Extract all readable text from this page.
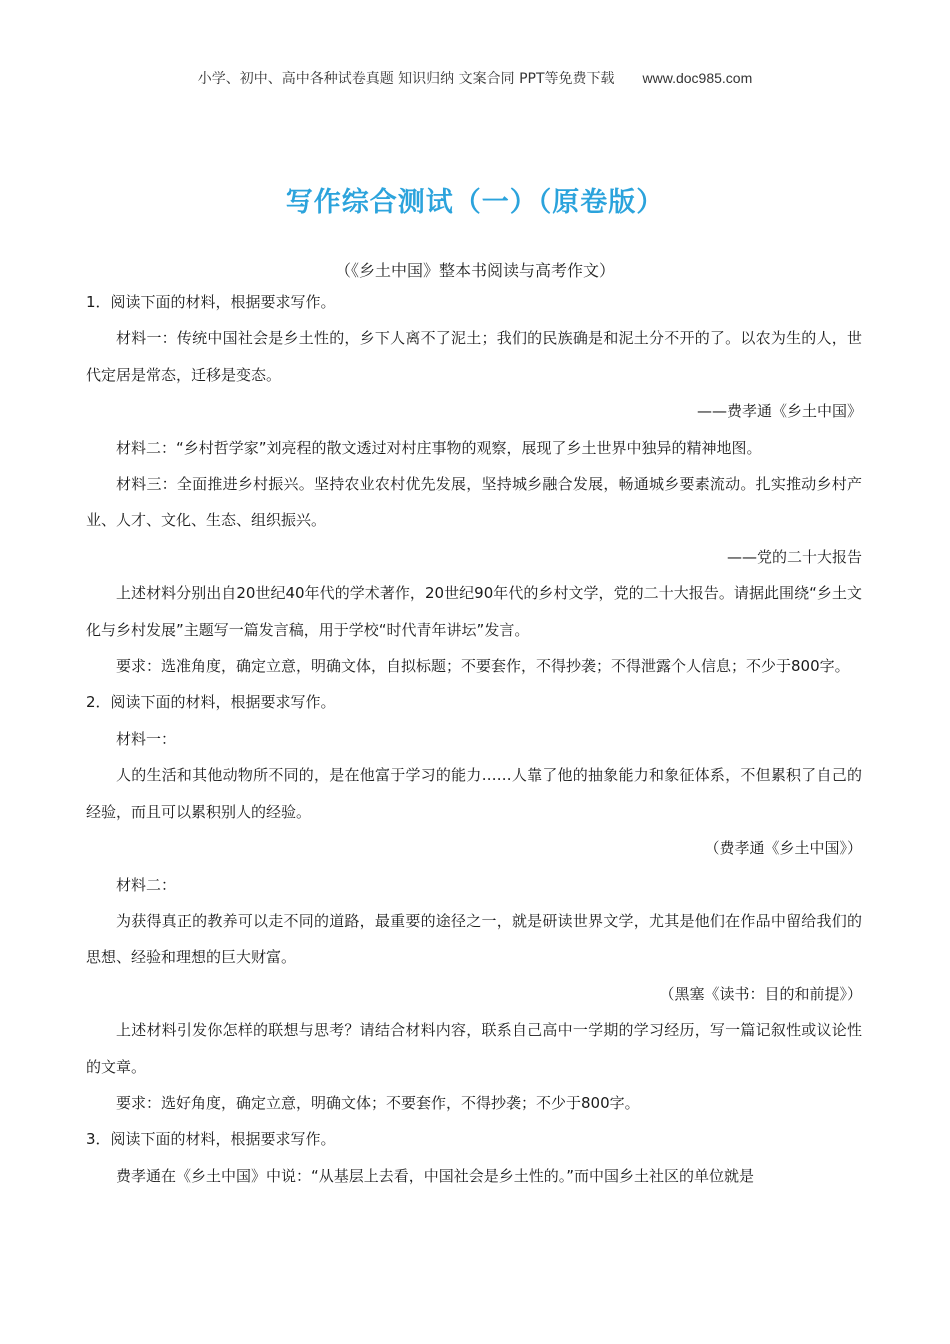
小学、初中、高中各种试卷真题 知识归纳 文案合同 PPT等免费下载 www.doc985.com
写作综合测试（一）（原卷版）
（《乡土中国》整本书阅读与高考作文）

1．阅读下面的材料，根据要求写作。

材料一：传统中国社会是乡土性的，乡下人离不了泥土；我们的民族确是和泥土分不开的了。以农为生的人，世代定居是常态，迁移是变态。

——费孝通《乡土中国》

材料二：“乡村哲学家”刘亮程的散文透过对村庄事物的观察，展现了乡土世界中独异的精神地图。

材料三：全面推进乡村振兴。坚持农业农村优先发展，坚持城乡融合发展，畅通城乡要素流动。扎实推动乡村产业、人才、文化、生态、组织振兴。

——党的二十大报告

上述材料分别出自20世纪40年代的学术著作，20世纪90年代的乡村文学，党的二十大报告。请据此围绕“乡土文化与乡村发展”主题写一篇发言稿，用于学校“时代青年讲坛”发言。

要求：选准角度，确定立意，明确文体，自拟标题；不要套作，不得抄袭；不得泄露个人信息；不少于800字。

2．阅读下面的材料，根据要求写作。

材料一：

人的生活和其他动物所不同的，是在他富于学习的能力……人靠了他的抽象能力和象征体系，不但累积了自己的经验，而且可以累积别人的经验。

（费孝通《乡土中国》）

材料二：

为获得真正的教养可以走不同的道路，最重要的途径之一，就是研读世界文学，尤其是他们在作品中留给我们的思想、经验和理想的巨大财富。

（黑塞《读书：目的和前提》）

上述材料引发你怎样的联想与思考？请结合材料内容，联系自己高中一学期的学习经历，写一篇记叙性或议论性的文章。

要求：选好角度，确定立意，明确文体；不要套作，不得抄袭；不少于800字。

3．阅读下面的材料，根据要求写作。

费孝通在《乡土中国》中说：“从基层上去看，中国社会是乡土性的。”而中国乡土社区的单位就是
